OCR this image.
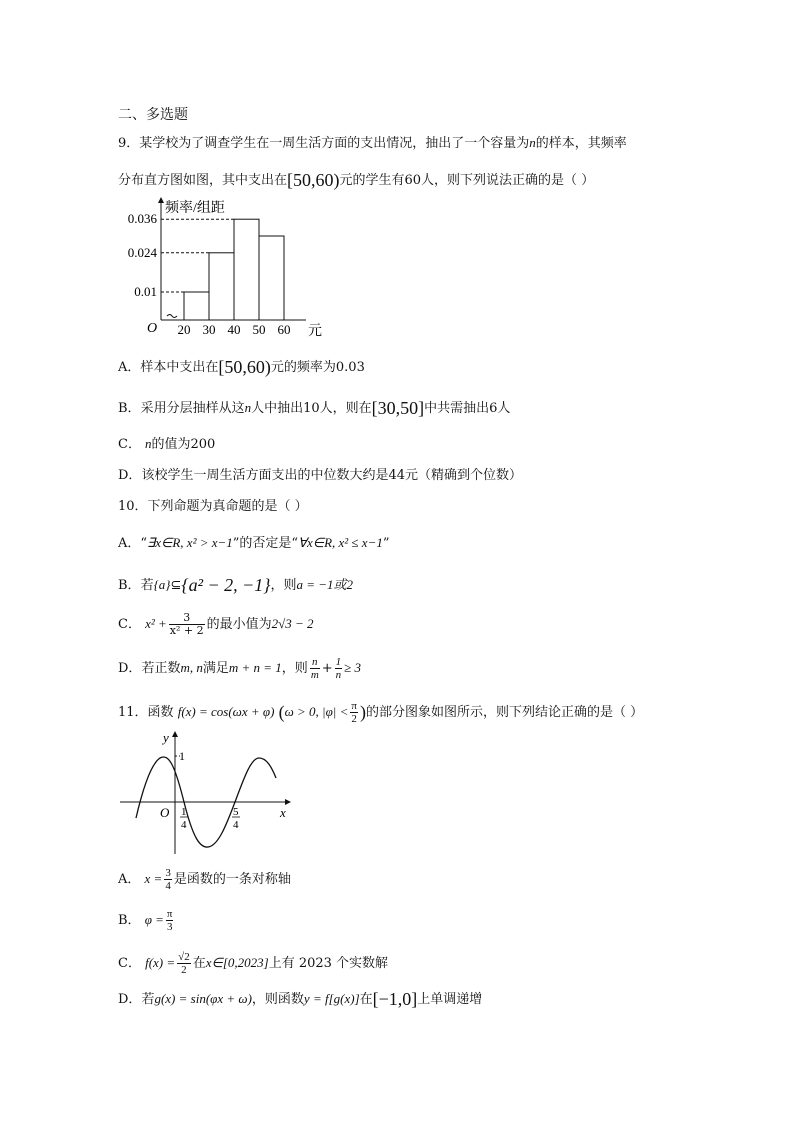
二、多选题
9．某学校为了调查学生在一周生活方面的支出情况，抽出了一个容量为n的样本，其频率
分布直方图如图，其中支出在[50,60)元的学生有60人，则下列说法正确的是（ ）
0.01
0.024
0.036
20 30 40 50 60
频率/组距
元
O
A．样本中支出在[50,60)元的频率为0.03
B．采用分层抽样从这n人中抽出10人，则在[30,50]中共需抽出6人
C． n的值为200
D．该校学生一周生活方面支出的中位数大约是44元（精确到个位数）
10．下列命题为真命题的是（ ）
A．“∃x∈R, x² > x−1”的否定是“∀x∈R, x² ≤ x−1”
B．若{a}⊆{a² − 2, −1}，则a = −1或2
C． $x^2 + \frac{3}{\text{x² + 2}}$ 的最小值为2√3 − 2
D．若正数m, n满足m + n = 1，则 $\frac{n}{m} + \frac{1}{n} \ge 3$
11．函数 f(x) = cos(ωx + φ) (ω > 0, $|\varphi| < \frac{\pi}{2}$ )的部分图象如图所示，则下列结论正确的是（ ）
y
1
x
O 1
4
5
4
A． $x = \frac{3}{4}$ 是函数的一条对称轴
B． $\varphi = \frac{\pi}{3}$
C． $f(x) = \frac{√2}{2}$ 在x∈[0,2023]上有 2023 个实数解
D．若g(x) = sin(φx + ω)，则函数y = f[g(x)]在[−1,0]上单调递增
